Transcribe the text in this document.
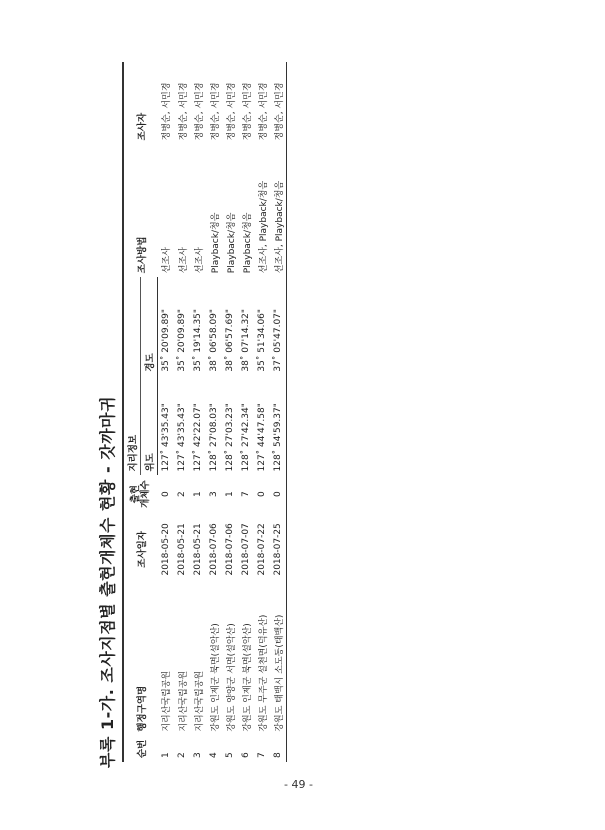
부록 1-가. 조사지점별 출현개체수 현황 - 갓까마귀 순번	행정구역명	조사일자	출현
개체수	지리정보		조사방법	조사자
				위도	경도		
1	지리산국립공원	2018-05-20	0	127˚ 43'35.43"	35˚ 20'09.89"	선조사	정병순, 서민경
2	지리산국립공원	2018-05-21	2	127˚ 43'35.43"	35˚ 20'09.89"	선조사	정병순, 서민경
3	지리산국립공원	2018-05-21	1	127˚ 42'22.07"	35˚ 19'14.35"	선조사	정병순, 서민경
4	강원도 인제군 북면(설악산)	2018-07-06	3	128˚ 27'08.03"	38˚ 06'58.09"	Playback/청음	정병순, 서민경
5	강원도 양양군 서면(설악산)	2018-07-06	1	128˚ 27'03.23"	38˚ 06'57.69"	Playback/청음	정병순, 서민경
6	강원도 인제군 북면(설악산)	2018-07-07	7	128˚ 27'42.34"	38˚ 07'14.32"	Playback/청음	정병순, 서민경
7	강원도 무주군 설천면(덕유산)	2018-07-22	0	127˚ 44'47.58"	35˚ 51'34.06"	선조사, Playback/청음	정병순, 서민경
8	강원도 태백시 소도동(태백산)	2018-07-25	0	128˚ 54'59.37"	37˚ 05'47.07"	선조사, Playback/청음	정병순, 서민경
- 49 -
